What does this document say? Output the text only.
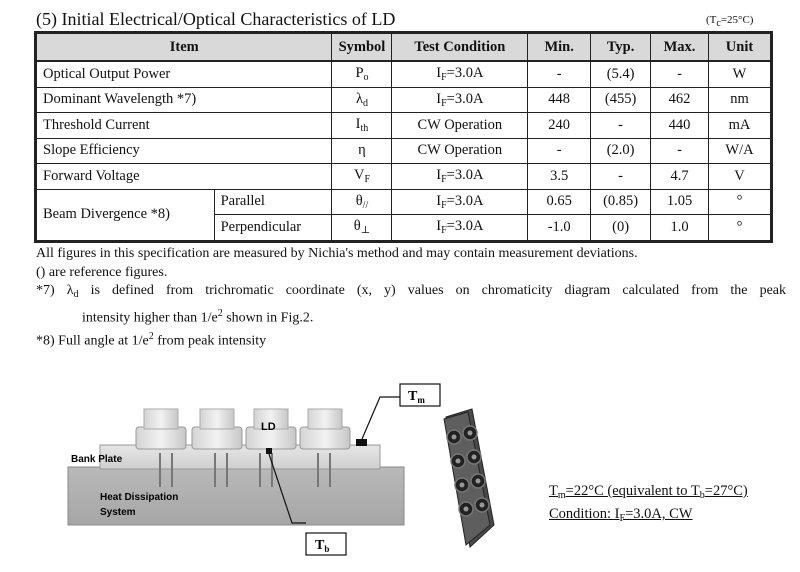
(5) Initial Electrical/Optical Characteristics of LD	$(T_c=25^\circ C)$
Item		Symbol	Test Condition	Min.	Typ.	Max.	Unit
Optical Output Power		$P_o$	$I_F=3.0A$	-	(5.4)	-	W
Dominant Wavelength *7)		$\lambda_d$	$I_F=3.0A$	448	(455)	462	nm
Threshold Current		$I_{th}$	CW Operation	240	-	440	mA
Slope Efficiency		η	CW Operation	-	(2.0)	-	W/A
Forward Voltage		$V_F$	$I_F=3.0A$	3.5	-	4.7	V
Beam Divergence *8)	Parallel	$\theta_{//}$	$I_F=3.0A$	0.65	(0.85)	1.05	°
	Perpendicular	$\theta_\perp$	$I_F=3.0A$	-1.0	(0)	1.0	°

All figures in this specification are measured by Nichia's method and may contain measurement deviations.

() are reference figures.

*7) $\lambda_d$ is defined from trichromatic coordinate (x, y) values on chromaticity diagram calculated from the peak

intensity higher than $1/e^2$ shown in Fig.2.

*8) Full angle at $1/e^2$ from peak intensity

Bank Plate
Heat Dissipation
System
LD
$T_m$
$T_b$
$T_m=22^\circ C$ (equivalent to $T_b=27^\circ C$)
Condition: $I_F=3.0A$, CW
